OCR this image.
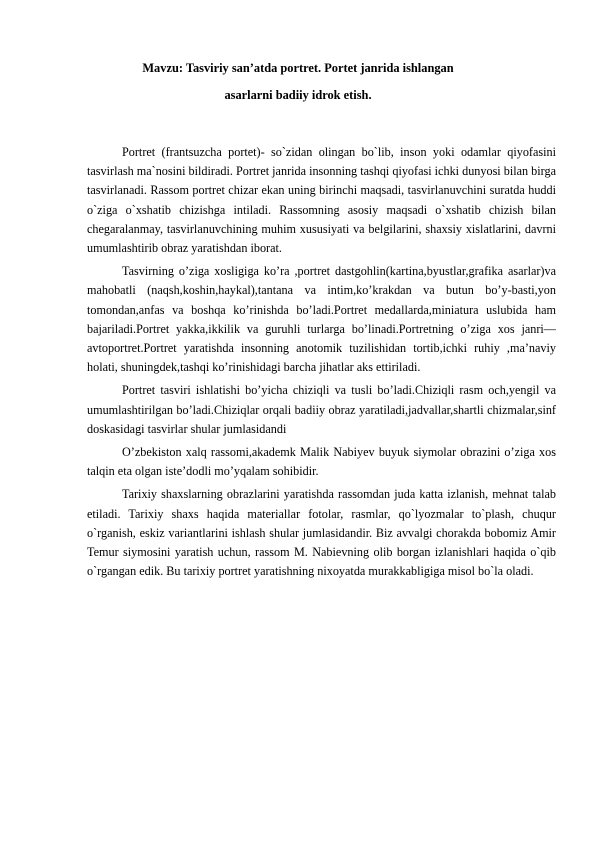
Mavzu: Tasviriy san’atda portret. Portet janrida ishlangan
asarlarni badiiy idrok etish.

Portret (frantsuzcha portet)- so`zidan olingan bo`lib, inson yoki odamlar qiyofasini tasvirlash ma`nosini bildiradi. Portret janrida insonning tashqi qiyofasi ichki dunyosi bilan birga tasvirlanadi. Rassom portret chizar ekan uning birinchi maqsadi, tasvirlanuvchini suratda huddi o`ziga o`xshatib chizishga intiladi. Rassomning asosiy maqsadi o`xshatib chizish bilan chegaralanmay, tasvirlanuvchining muhim xususiyati va belgilarini, shaxsiy xislatlarini, davrni umumlashtirib obraz yaratishdan iborat.

Tasvirning o’ziga xosligiga ko’ra ,portret dastgohlin(kartina,byustlar,grafika asarlar)va mahobatli (naqsh,koshin,haykal),tantana va intim,ko’krakdan va butun bo’y-basti,yon tomondan,anfas va boshqa ko’rinishda bo’ladi.Portret medallarda,miniatura uslubida ham bajariladi.Portret yakka,ikkilik va guruhli turlarga bo’linadi.Portretning o’ziga xos janri—avtoportret.Portret yaratishda insonning anotomik tuzilishidan tortib,ichki ruhiy ,ma’naviy holati, shuningdek,tashqi ko’rinishidagi barcha jihatlar aks ettiriladi.

Portret tasviri ishlatishi bo’yicha chiziqli va tusli bo’ladi.Chiziqli rasm och,yengil va umumlashtirilgan bo’ladi.Chiziqlar orqali badiiy obraz yaratiladi,jadvallar,shartli chizmalar,sinf doskasidagi tasvirlar shular jumlasidandi

O’zbekiston xalq rassomi,akademk Malik Nabiyev buyuk siymolar obrazini o’ziga xos talqin eta olgan iste’dodli mo’yqalam sohibidir.

Tarixiy shaxslarning obrazlarini yaratishda rassomdan juda katta izlanish, mehnat talab etiladi. Tarixiy shaxs haqida materiallar fotolar, rasmlar, qo`lyozmalar to`plash, chuqur o`rganish, eskiz variantlarini ishlash shular jumlasidandir. Biz avvalgi chorakda bobomiz Amir Temur siymosini yaratish uchun, rassom M. Nabievning olib borgan izlanishlari haqida o`qib o`rgangan edik. Bu tarixiy portret yaratishning nixoyatda murakkabligiga misol bo`la oladi.
